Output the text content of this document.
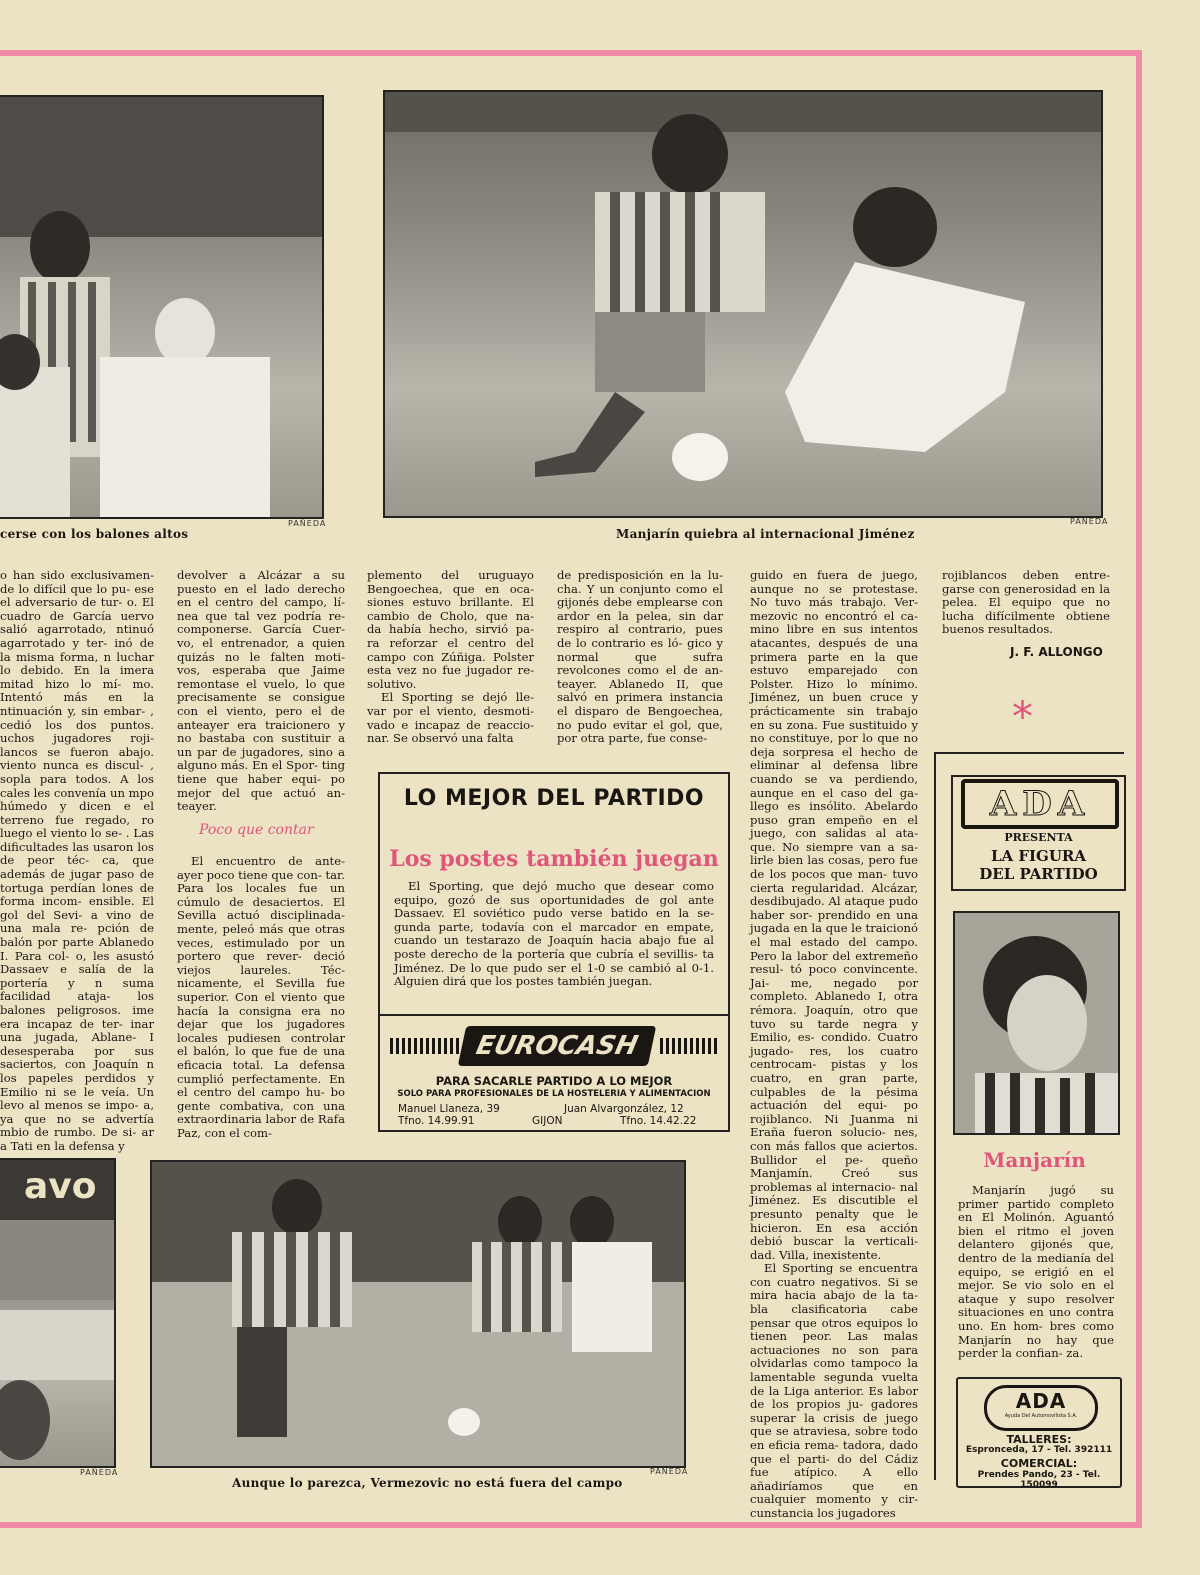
cerse con los balones altos
PAÑEDA
Manjarín quiebra al internacional Jiménez
PAÑEDA

o han sido exclusivamen- de lo difícil que lo pu- ese el adversario de tur- o. El cuadro de García uervo salió agarrotado, ntinuó agarrotado y ter- inó de la misma forma, n luchar lo debido. En la imera mitad hizo lo mí- mo. Intentó más en la ntinuación y, sin embar- , cedió los dos puntos. uchos jugadores roji- lancos se fueron abajo. viento nunca es discul- , sopla para todos. A los cales les convenía un mpo húmedo y dicen e el terreno fue regado, ro luego el viento lo se- . Las dificultades las usaron los de peor téc- ca, que además de jugar paso de tortuga perdían lones de forma incom- ensible. El gol del Sevi- a vino de una mala re- pción de balón por parte Ablanedo I. Para col- o, les asustó Dassaev e salía de la portería y n suma facilidad ataja- los balones peligrosos. ime era incapaz de ter- inar una jugada, Ablane- I desesperaba por sus saciertos, con Joaquín n los papeles perdidos y Emilio ni se le veía. Un levo al menos se impo- a, ya que no se advertía mbio de rumbo. De si- ar a Tati en la defensa y

devolver a Alcázar a su puesto en el lado derecho en el centro del campo, lí- nea que tal vez podría re- componerse. García Cuer- vo, el entrenador, a quien quizás no le falten moti- vos, esperaba que Jaime remontase el vuelo, lo que precisamente se consigue con el viento, pero el de anteayer era traicionero y no bastaba con sustituir a un par de jugadores, sino a alguno más. En el Spor- ting tiene que haber equi- po mejor del que actuó an- teayer.

Poco que contar

El encuentro de ante- ayer poco tiene que con- tar. Para los locales fue un cúmulo de desaciertos. El Sevilla actuó disciplinada- mente, peleó más que otras veces, estimulado por un portero que rever- deció viejos laureles. Téc- nicamente, el Sevilla fue superior. Con el viento que hacía la consigna era no dejar que los jugadores locales pudiesen controlar el balón, lo que fue de una eficacia total. La defensa cumplió perfectamente. En el centro del campo hu- bo gente combativa, con una extraordinaria labor de Rafa Paz, con el com-

plemento del uruguayo Bengoechea, que en oca- siones estuvo brillante. El cambio de Cholo, que na- da había hecho, sirvió pa- ra reforzar el centro del campo con Zúñiga. Polster esta vez no fue jugador re- solutivo.

El Sporting se dejó lle- var por el viento, desmoti- vado e incapaz de reaccio- nar. Se observó una falta

de predisposición en la lu- cha. Y un conjunto como el gijonés debe emplearse con ardor en la pelea, sin dar respiro al contrario, pues de lo contrario es ló- gico y normal que sufra revolcones como el de an- teayer. Ablanedo II, que salvó en primera instancia el disparo de Bengoechea, no pudo evitar el gol, que, por otra parte, fue conse-

guido en fuera de juego, aunque no se protestase. No tuvo más trabajo. Ver- mezovic no encontró el ca- mino libre en sus intentos atacantes, después de una primera parte en la que estuvo emparejado con Polster. Hizo lo mínimo. Jiménez, un buen cruce y prácticamente sin trabajo en su zona. Fue sustituido y no constituye, por lo que no deja sorpresa el hecho de eliminar al defensa libre cuando se va perdiendo, aunque en el caso del ga- llego es insólito. Abelardo puso gran empeño en el juego, con salidas al ata- que. No siempre van a sa- lirle bien las cosas, pero fue de los pocos que man- tuvo cierta regularidad. Alcázar, desdibujado. Al ataque pudo haber sor- prendido en una jugada en la que le traicionó el mal estado del campo. Pero la labor del extremeño resul- tó poco convincente. Jai- me, negado por completo. Ablanedo I, otra rémora. Joaquín, otro que tuvo su tarde negra y Emilio, es- condido. Cuatro jugado- res, los cuatro centrocam- pistas y los cuatro, en gran parte, culpables de la pésima actuación del equi- po rojiblanco. Ni Juanma ni Eraña fueron solucio- nes, con más fallos que aciertos. Bullidor el pe- queño Manjamín. Creó sus problemas al internacio- nal Jiménez. Es discutible el presunto penalty que le hicieron. En esa acción debió buscar la verticali- dad. Villa, inexistente.

El Sporting se encuentra con cuatro negativos. Si se mira hacia abajo de la ta- bla clasificatoria cabe pensar que otros equipos lo tienen peor. Las malas actuaciones no son para olvidarlas como tampoco la lamentable segunda vuelta de la Liga anterior. Es labor de los propios ju- gadores superar la crisis de juego que se atraviesa, sobre todo en eficia rema- tadora, dado que el parti- do del Cádiz fue atípico. A ello añadiríamos que en cualquier momento y cir- cunstancia los jugadores

rojiblancos deben entre- garse con generosidad en la pelea. El equipo que no lucha difícilmente obtiene buenos resultados.

J. F. ALLONGO
*
LO MEJOR DEL PARTIDO
Los postes también juegan
El Sporting, que dejó mucho que desear como equipo, gozó de sus oportunidades de gol ante Dassaev. El soviético pudo verse batido en la se- gunda parte, todavía con el marcador en empate, cuando un testarazo de Joaquín hacia abajo fue al poste derecho de la portería que cubría el sevillis- ta Jiménez. De lo que pudo ser el 1-0 se cambió al 0-1. Alguien dirá que los postes también juegan.
EUROCASH
PARA SACARLE PARTIDO A LO MEJOR
SOLO PARA PROFESIONALES DE LA HOSTELERIA Y ALIMENTACION
Manuel Llaneza, 39	Juan Alvargonzález, 12
Tfno. 14.99.91	GIJON	Tfno. 14.42.22
ADA
PRESENTA
LA FIGURA
DEL PARTIDO
Manjarín

Manjarín jugó su primer partido completo en El Molinón. Aguantó bien el ritmo el joven delantero gijonés que, dentro de la medianía del equipo, se erigió en el mejor. Se vio solo en el ataque y supo resolver situaciones en uno contra uno. En hom- bres como Manjarín no hay que perder la confian- za.

ADA
Ayuda Del Automovilista S.A.
TALLERES:
Espronceda, 17 - Tel. 392111
COMERCIAL:
Prendes Pando, 23 - Tel. 150099
avo
PAÑEDA
Aunque lo parezca, Vermezovic no está fuera del campo
PAÑEDA
